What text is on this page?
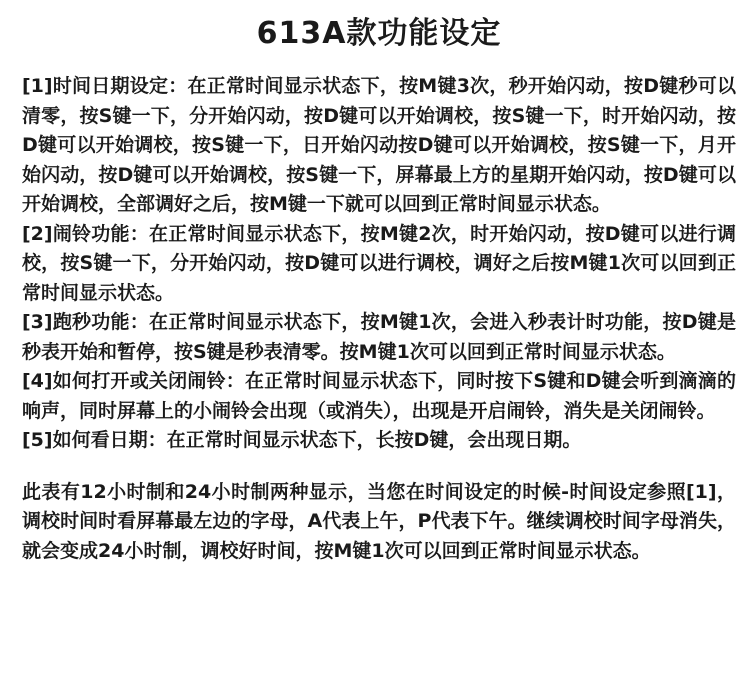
613A款功能设定
[1]时间日期设定：在正常时间显示状态下，按M键3次，秒开始闪动，按D键秒可以清零，按S键一下，分开始闪动，按D键可以开始调校，按S键一下，时开始闪动，按D键可以开始调校，按S键一下，日开始闪动按D键可以开始调校，按S键一下，月开始闪动，按D键可以开始调校，按S键一下，屏幕最上方的星期开始闪动，按D键可以开始调校，全部调好之后，按M键一下就可以回到正常时间显示状态。
[2]闹铃功能：在正常时间显示状态下，按M键2次，时开始闪动，按D键可以进行调校，按S键一下，分开始闪动，按D键可以进行调校，调好之后按M键1次可以回到正常时间显示状态。
[3]跑秒功能：在正常时间显示状态下，按M键1次，会进入秒表计时功能，按D键是秒表开始和暂停，按S键是秒表清零。按M键1次可以回到正常时间显示状态。
[4]如何打开或关闭闹铃：在正常时间显示状态下，同时按下S键和D键会听到滴滴的响声，同时屏幕上的小闹铃会出现（或消失），出现是开启闹铃，消失是关闭闹铃。
[5]如何看日期：在正常时间显示状态下，长按D键，会出现日期。
此表有12小时制和24小时制两种显示，当您在时间设定的时候-时间设定参照[1]，调校时间时看屏幕最左边的字母，A代表上午，P代表下午。继续调校时间字母消失，就会变成24小时制，调校好时间，按M键1次可以回到正常时间显示状态。
